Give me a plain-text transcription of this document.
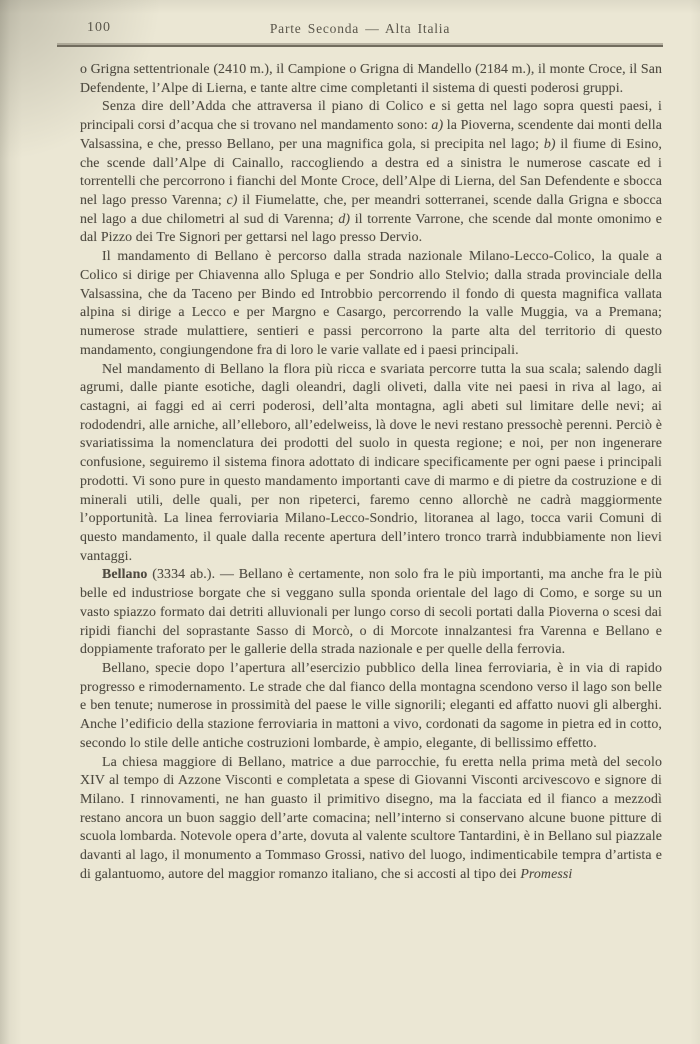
100	Parte Seconda — Alta Italia

o Grigna settentrionale (2410 m.), il Campione o Grigna di Mandello (2184 m.), il monte Croce, il San Defendente, l’Alpe di Lierna, e tante altre cime completanti il sistema di questi poderosi gruppi.

Senza dire dell’Adda che attraversa il piano di Colico e si getta nel lago sopra questi paesi, i principali corsi d’acqua che si trovano nel mandamento sono: a) la Pioverna, scendente dai monti della Valsassina, e che, presso Bellano, per una magnifica gola, si precipita nel lago; b) il fiume di Esino, che scende dall’Alpe di Cainallo, raccogliendo a destra ed a sinistra le numerose cascate ed i torrentelli che percorrono i fianchi del Monte Croce, dell’Alpe di Lierna, del San Defendente e sbocca nel lago presso Varenna; c) il Fiumelatte, che, per meandri sotterranei, scende dalla Grigna e sbocca nel lago a due chilometri al sud di Varenna; d) il torrente Varrone, che scende dal monte omonimo e dal Pizzo dei Tre Signori per gettarsi nel lago presso Dervio.

Il mandamento di Bellano è percorso dalla strada nazionale Milano-Lecco-Colico, la quale a Colico si dirige per Chiavenna allo Spluga e per Sondrio allo Stelvio; dalla strada provinciale della Valsassina, che da Taceno per Bindo ed Introbbio percorrendo il fondo di questa magnifica vallata alpina si dirige a Lecco e per Margno e Casargo, percorrendo la valle Muggia, va a Premana; numerose strade mulattiere, sentieri e passi percorrono la parte alta del territorio di questo mandamento, congiungendone fra di loro le varie vallate ed i paesi principali.

Nel mandamento di Bellano la flora più ricca e svariata percorre tutta la sua scala; salendo dagli agrumi, dalle piante esotiche, dagli oleandri, dagli oliveti, dalla vite nei paesi in riva al lago, ai castagni, ai faggi ed ai cerri poderosi, dell’alta montagna, agli abeti sul limitare delle nevi; ai rododendri, alle arniche, all’elleboro, all’edelweiss, là dove le nevi restano pressochè perenni. Perciò è svariatissima la nomenclatura dei prodotti del suolo in questa regione; e noi, per non ingenerare confusione, seguiremo il sistema finora adottato di indicare specificamente per ogni paese i principali prodotti. Vi sono pure in questo mandamento importanti cave di marmo e di pietre da costruzione e di minerali utili, delle quali, per non ripeterci, faremo cenno allorchè ne cadrà maggiormente l’opportunità. La linea ferroviaria Milano-Lecco-Sondrio, litoranea al lago, tocca varii Comuni di questo mandamento, il quale dalla recente apertura dell’intero tronco trarrà indubbiamente non lievi vantaggi.

Bellano (3334 ab.). — Bellano è certamente, non solo fra le più importanti, ma anche fra le più belle ed industriose borgate che si veggano sulla sponda orientale del lago di Como, e sorge su un vasto spiazzo formato dai detriti alluvionali per lungo corso di secoli portati dalla Pioverna o scesi dai ripidi fianchi del soprastante Sasso di Morcò, o di Morcote innalzantesi fra Varenna e Bellano e doppiamente traforato per le gallerie della strada nazionale e per quelle della ferrovia.

Bellano, specie dopo l’apertura all’esercizio pubblico della linea ferroviaria, è in via di rapido progresso e rimodernamento. Le strade che dal fianco della montagna scendono verso il lago son belle e ben tenute; numerose in prossimità del paese le ville signorili; eleganti ed affatto nuovi gli alberghi. Anche l’edificio della stazione ferroviaria in mattoni a vivo, cordonati da sagome in pietra ed in cotto, secondo lo stile delle antiche costruzioni lombarde, è ampio, elegante, di bellissimo effetto.

La chiesa maggiore di Bellano, matrice a due parrocchie, fu eretta nella prima metà del secolo XIV al tempo di Azzone Visconti e completata a spese di Giovanni Visconti arcivescovo e signore di Milano. I rinnovamenti, ne han guasto il primitivo disegno, ma la facciata ed il fianco a mezzodì restano ancora un buon saggio dell’arte comacina; nell’interno si conservano alcune buone pitture di scuola lombarda. Notevole opera d’arte, dovuta al valente scultore Tantardini, è in Bellano sul piazzale davanti al lago, il monumento a Tommaso Grossi, nativo del luogo, indimenticabile tempra d’artista e di galantuomo, autore del maggior romanzo italiano, che si accosti al tipo dei Promessi
